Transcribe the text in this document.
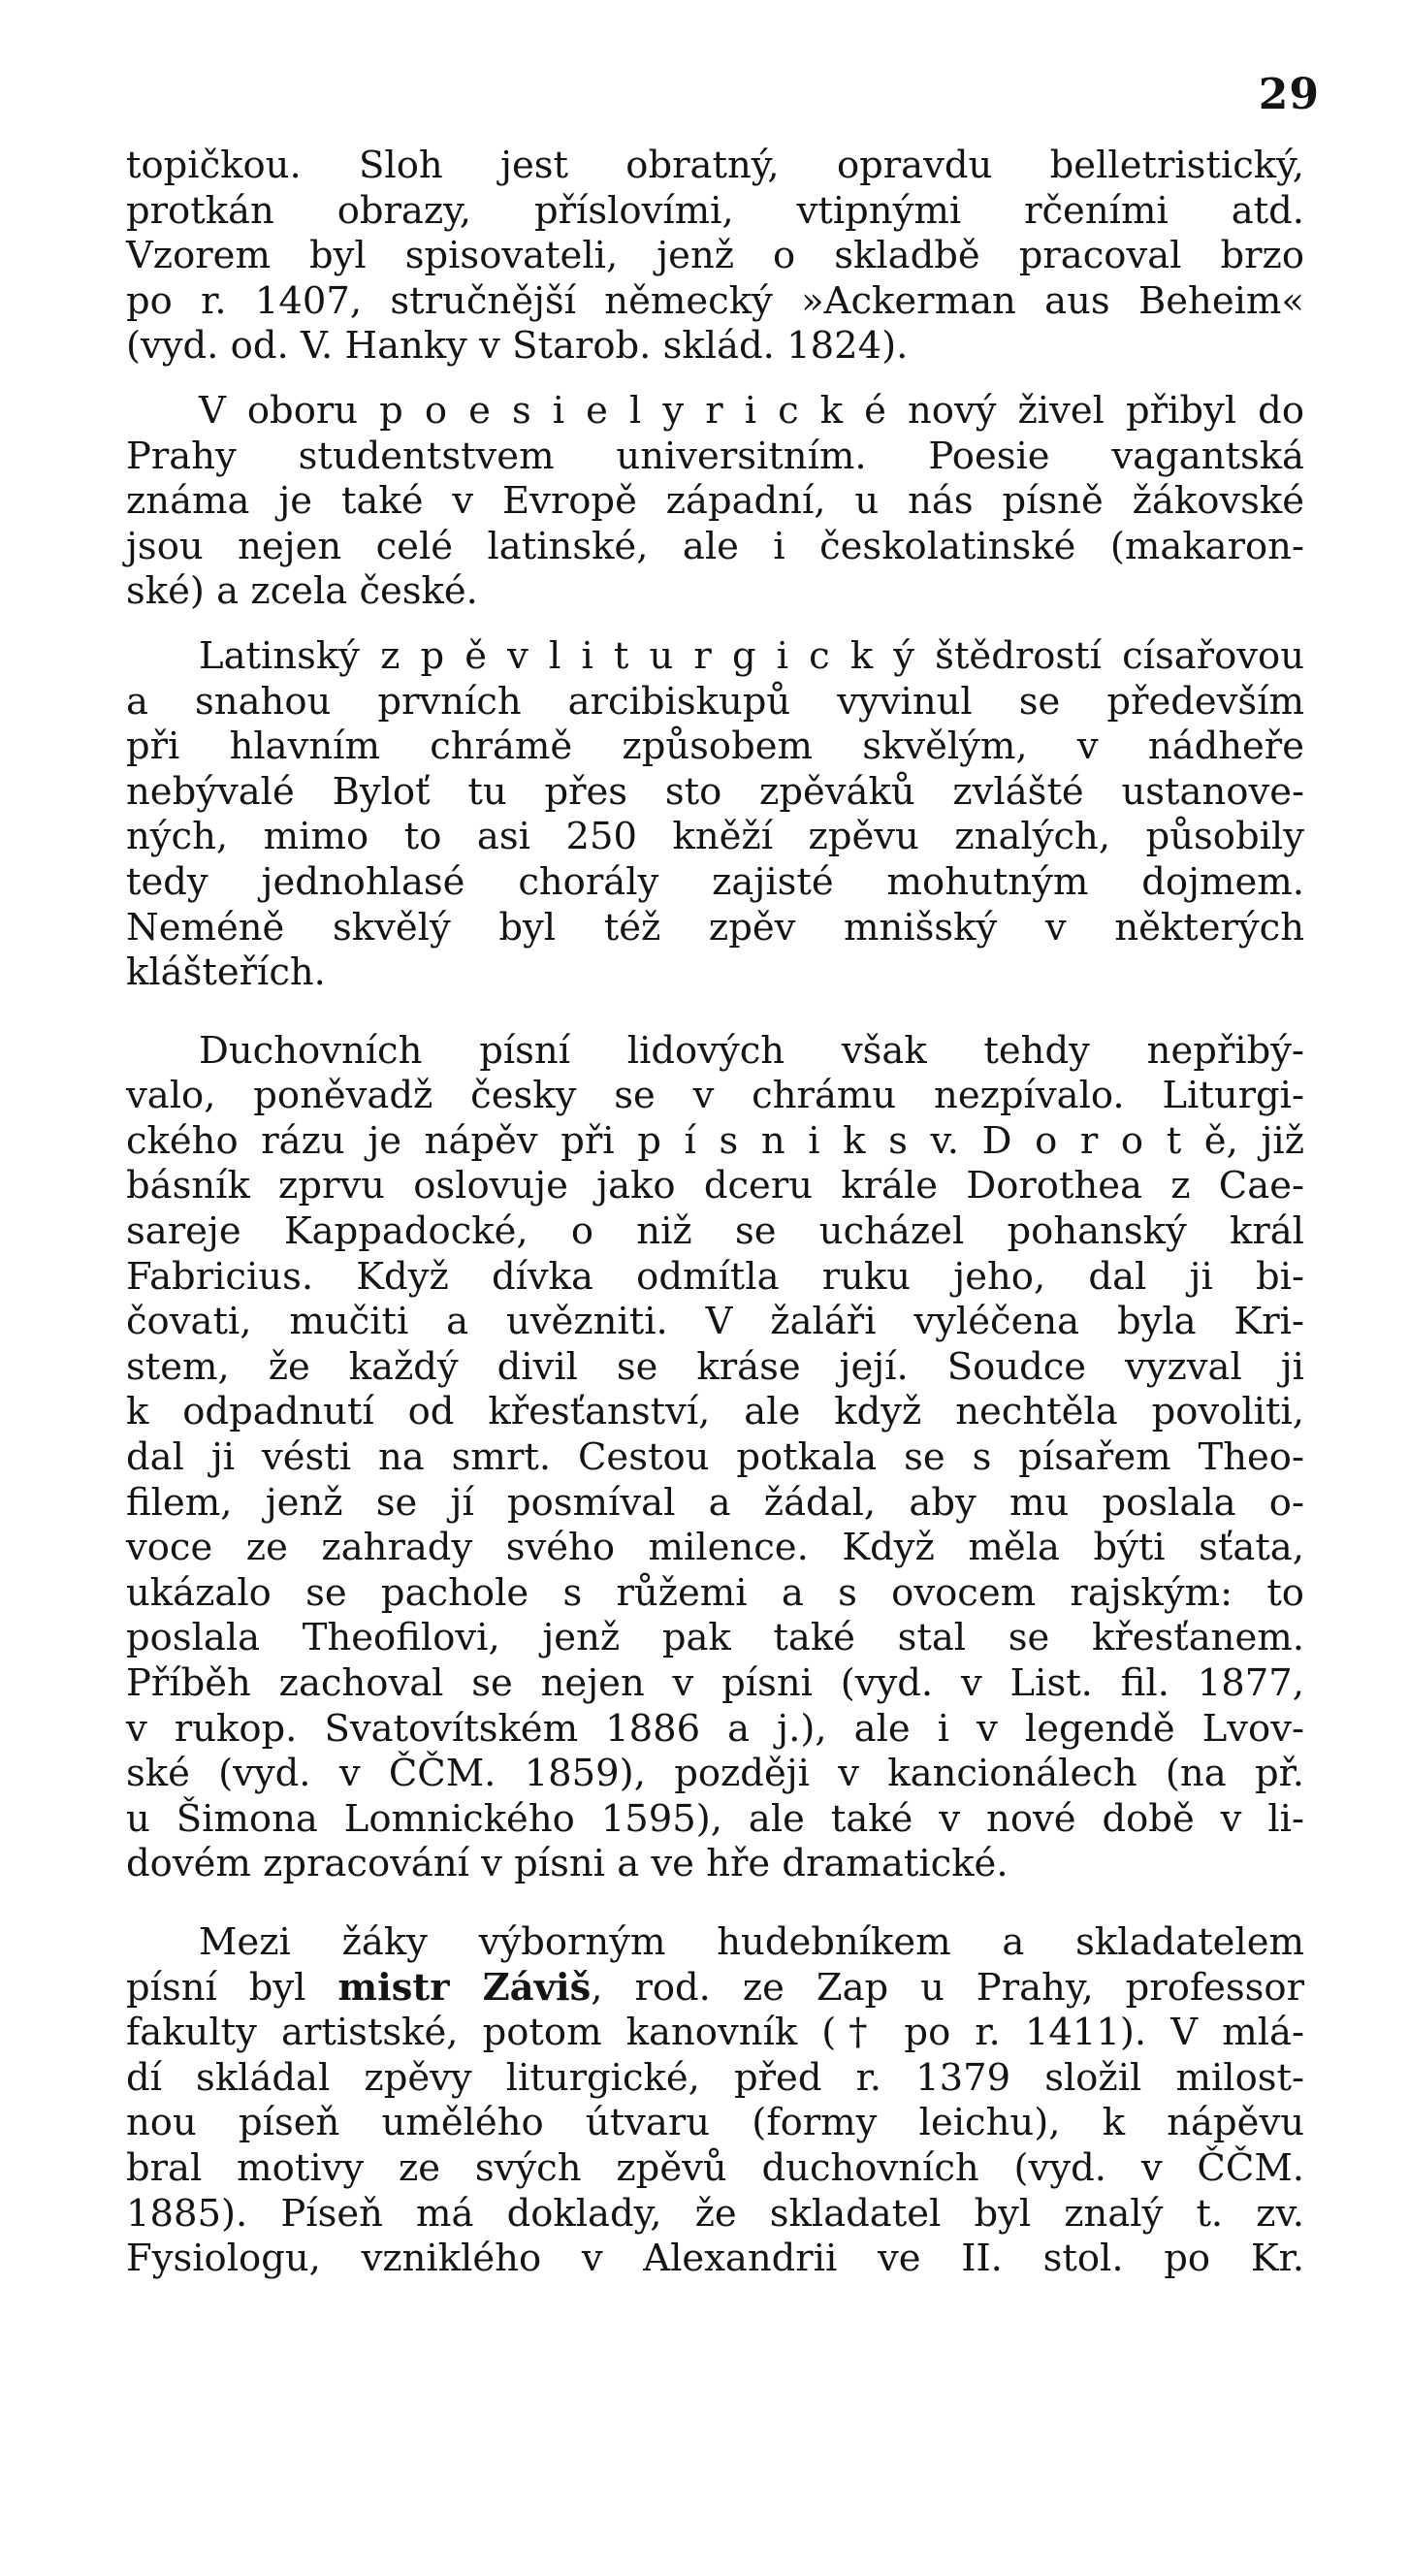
29
topičkou. Sloh jest obratný, opravdu belletristický,
protkán obrazy, příslovími, vtipnými rčeními atd.
Vzorem byl spisovateli, jenž o skladbě pracoval brzo
po r. 1407, stručnější německý »Ackerman aus Beheim«
(vyd. od. V. Hanky v Starob. sklád. 1824).
V oboru p o e s i e l y r i c k é nový živel přibyl do
Prahy studentstvem universitním. Poesie vagantská
známa je také v Evropě západní, u nás písně žákovské
jsou nejen celé latinské, ale i českolatinské (makaron-
ské) a zcela české.
Latinský z p ě v l i t u r g i c k ý štědrostí císařovou
a snahou prvních arcibiskupů vyvinul se především
při hlavním chrámě způsobem skvělým, v nádheře
nebývalé Byloť tu přes sto zpěváků zvlášté ustanove-
ných, mimo to asi 250 kněží zpěvu znalých, působily
tedy jednohlasé chorály zajisté mohutným dojmem.
Neméně skvělý byl též zpěv mnišský v některých
klášteřích.
Duchovních písní lidových však tehdy nepřibý-
valo, poněvadž česky se v chrámu nezpívalo. Liturgi-
ckého rázu je nápěv při p í s n i k s v. D o r o t ě, již
básník zprvu oslovuje jako dceru krále Dorothea z Cae-
sareje Kappadocké, o niž se ucházel pohanský král
Fabricius. Když dívka odmítla ruku jeho, dal ji bi-
čovati, mučiti a uvězniti. V žaláři vyléčena byla Kri-
stem, že každý divil se kráse její. Soudce vyzval ji
k odpadnutí od křesťanství, ale když nechtěla povoliti,
dal ji vésti na smrt. Cestou potkala se s písařem Theo-
filem, jenž se jí posmíval a žádal, aby mu poslala o-
voce ze zahrady svého milence. Když měla býti sťata,
ukázalo se pachole s růžemi a s ovocem rajským: to
poslala Theofilovi, jenž pak také stal se křesťanem.
Příběh zachoval se nejen v písni (vyd. v List. fil. 1877,
v rukop. Svatovítském 1886 a j.), ale i v legendě Lvov-
ské (vyd. v ČČM. 1859), později v kancionálech (na př.
u Šimona Lomnického 1595), ale také v nové době v li-
dovém zpracování v písni a ve hře dramatické.
Mezi žáky výborným hudebníkem a skladatelem
písní byl mistr Záviš, rod. ze Zap u Prahy, professor
fakulty artistské, potom kanovník († po r. 1411). V mlá-
dí skládal zpěvy liturgické, před r. 1379 složil milost-
nou píseň umělého útvaru (formy leichu), k nápěvu
bral motivy ze svých zpěvů duchovních (vyd. v ČČM.
1885). Píseň má doklady, že skladatel byl znalý t. zv.
Fysiologu, vzniklého v Alexandrii ve II. stol. po Kr.
